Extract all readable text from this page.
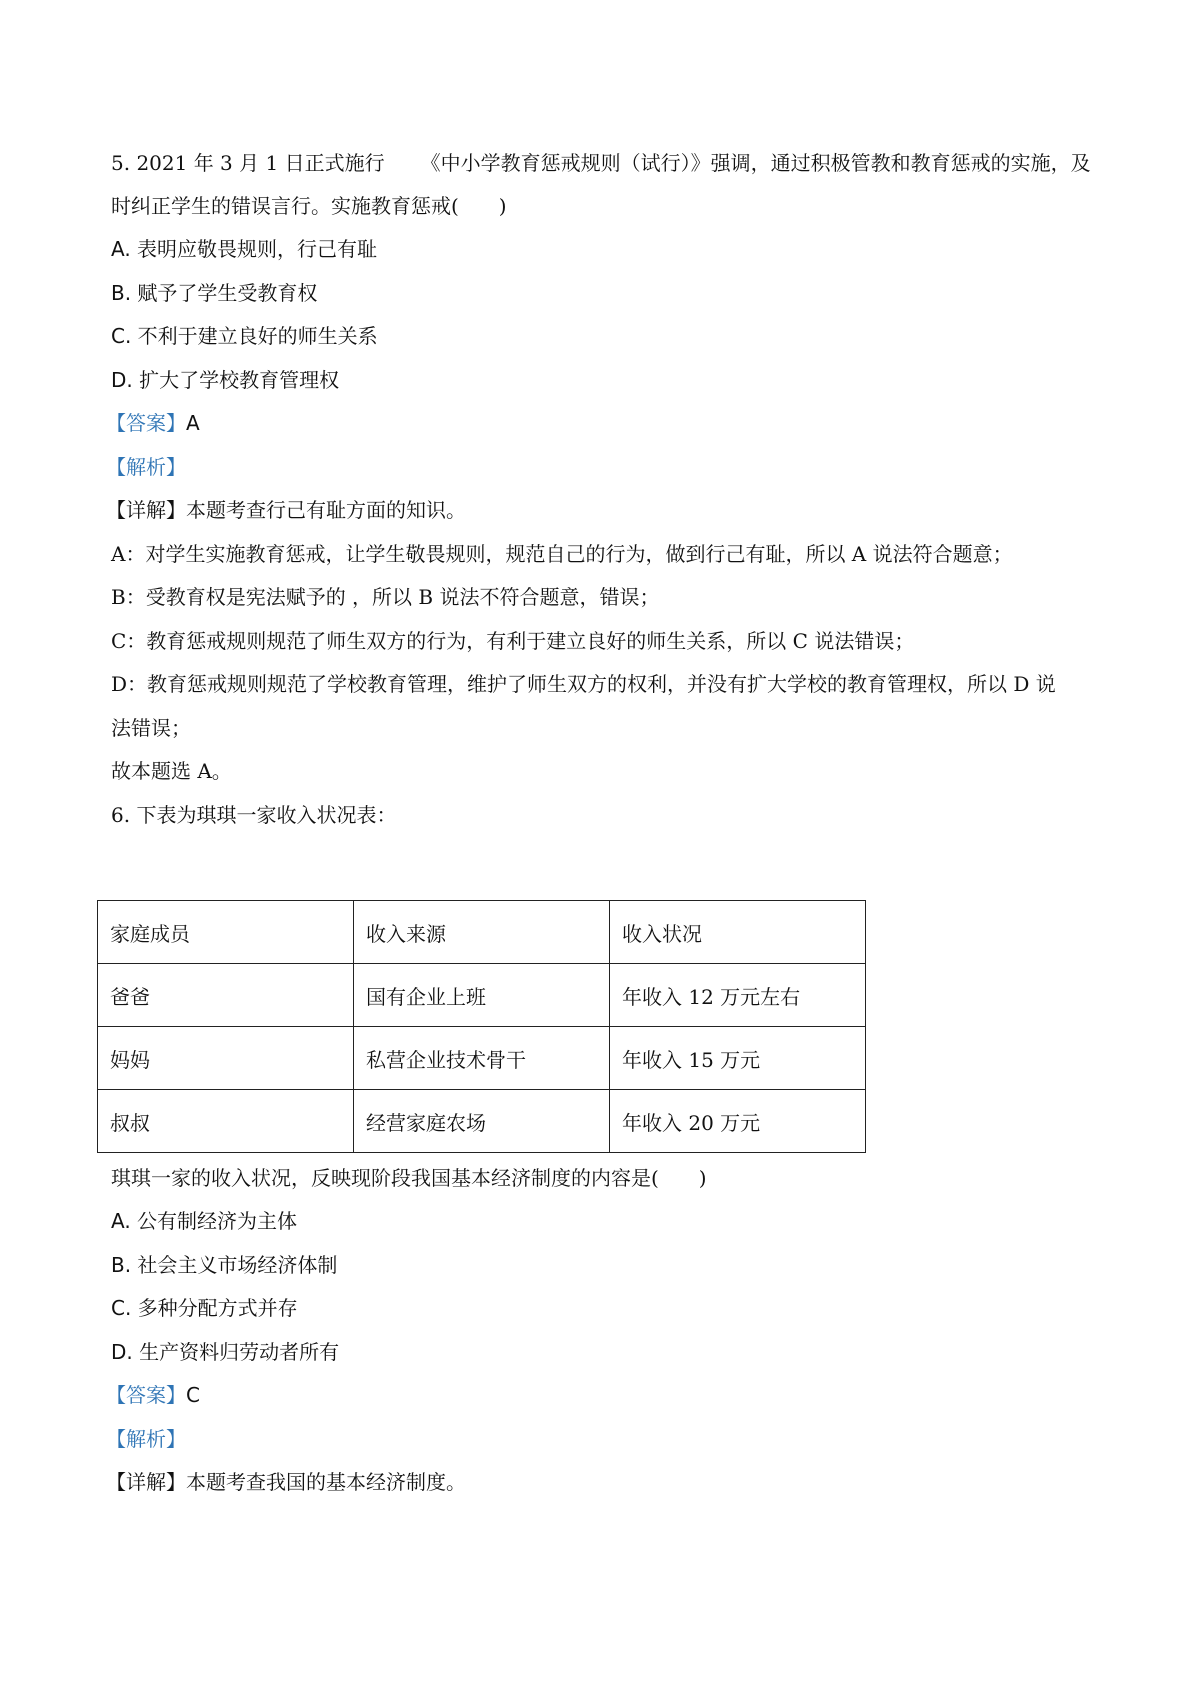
5. 2021 年 3 月 1 日正式施行 《中小学教育惩戒规则（试行）》强调，通过积极管教和教育惩戒的实施，及
时纠正学生的错误言行。实施教育惩戒(　　)
A. 表明应敬畏规则，行己有耻
B. 赋予了学生受教育权
C. 不利于建立良好的师生关系
D. 扩大了学校教育管理权
【答案】A
【解析】
【详解】本题考查行己有耻方面的知识。
A：对学生实施教育惩戒，让学生敬畏规则，规范自己的行为，做到行己有耻，所以 A 说法符合题意；
B：受教育权是宪法赋予的 ，所以 B 说法不符合题意，错误；
C：教育惩戒规则规范了师生双方的行为，有利于建立良好的师生关系，所以 C 说法错误；
D：教育惩戒规则规范了学校教育管理，维护了师生双方的权利，并没有扩大学校的教育管理权，所以 D 说
法错误；
故本题选 A。
6. 下表为琪琪一家收入状况表：
家庭成员	收入来源	收入状况
爸爸	国有企业上班	年收入 12 万元左右
妈妈	私营企业技术骨干	年收入 15 万元
叔叔	经营家庭农场	年收入 20 万元
琪琪一家的收入状况，反映现阶段我国基本经济制度的内容是(　　)
A. 公有制经济为主体
B. 社会主义市场经济体制
C. 多种分配方式并存
D. 生产资料归劳动者所有
【答案】C
【解析】
【详解】本题考查我国的基本经济制度。
